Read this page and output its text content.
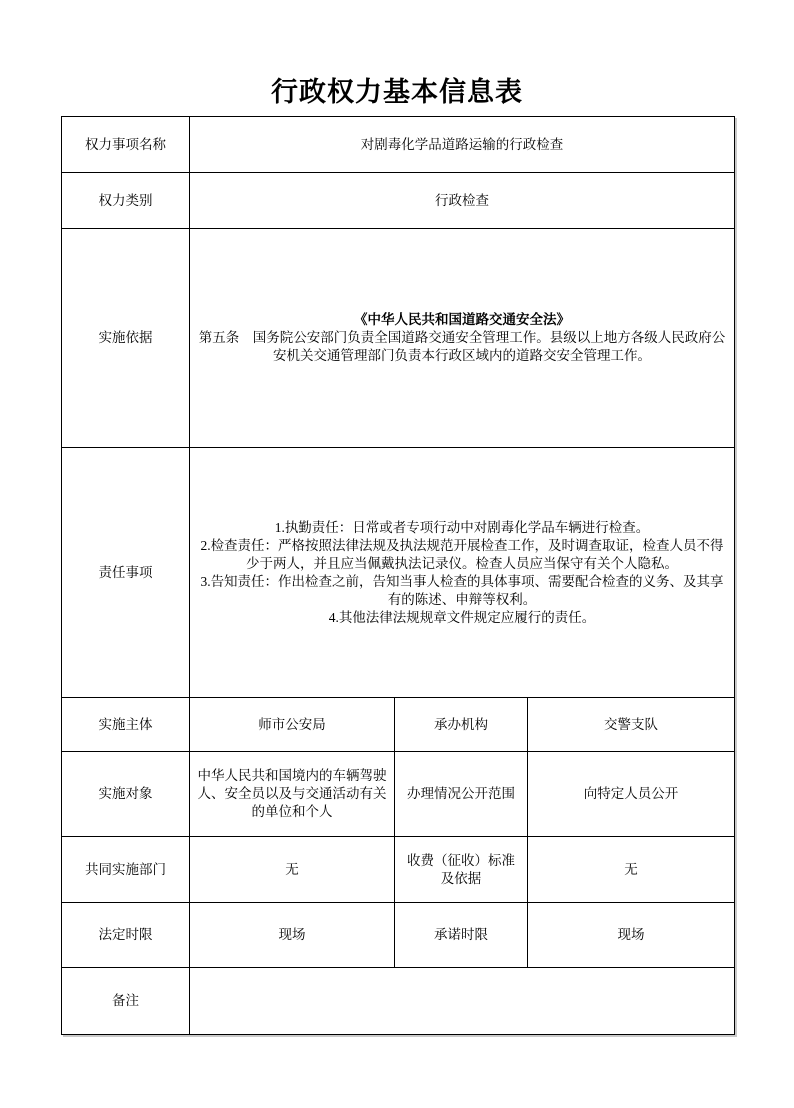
行政权力基本信息表
权力事项名称	对剧毒化学品道路运输的行政检查		
权力类别	行政检查		
实施依据	《中华人民共和国道路交通安全法》
第五条　国务院公安部门负责全国道路交通安全管理工作。县级以上地方各级人民政府公安机关交通管理部门负责本行政区域内的道路交安全管理工作。		

责任事项	1.执勤责任：日常或者专项行动中对剧毒化学品车辆进行检查。
2.检查责任：严格按照法律法规及执法规范开展检查工作，及时调查取证，检查人员不得少于两人，并且应当佩戴执法记录仪。检查人员应当保守有关个人隐私。
3.告知责任：作出检查之前，告知当事人检查的具体事项、需要配合检查的义务、及其享有的陈述、申辩等权利。
4.其他法律法规规章文件规定应履行的责任。		

实施主体	师市公安局	承办机构	交警支队
实施对象	中华人民共和国境内的车辆驾驶人、安全员以及与交通活动有关的单位和个人	办理情况公开范围	向特定人员公开
共同实施部门	无	收费（征收）标准及依据	无
法定时限	现场	承诺时限	现场
备注			
